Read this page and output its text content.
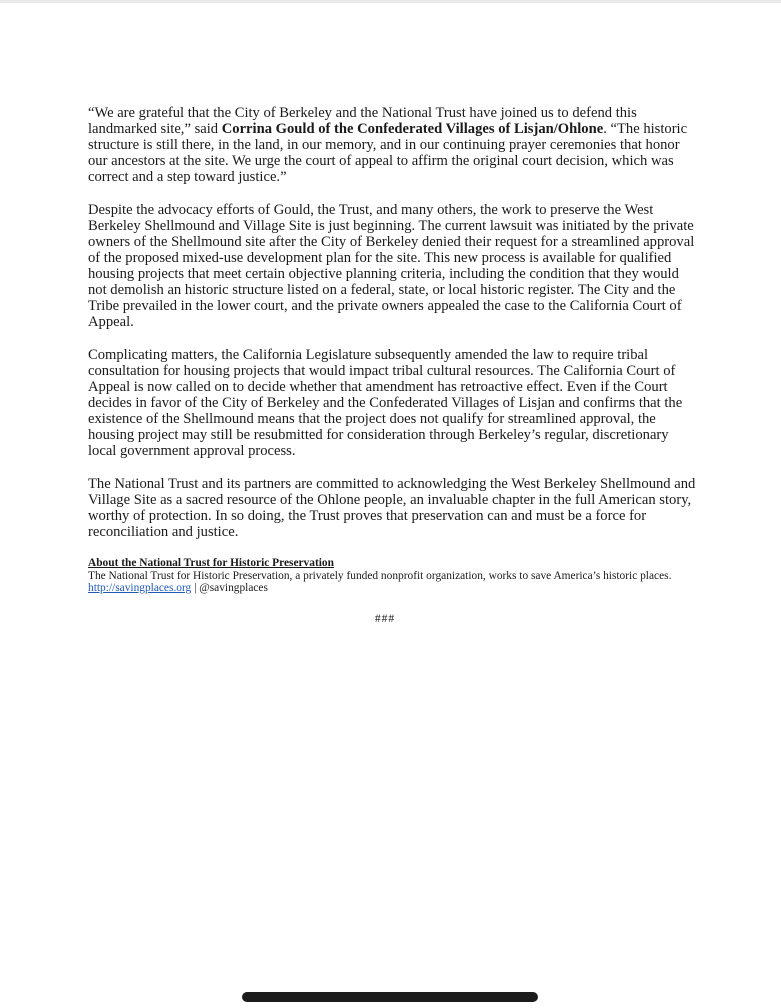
“We are grateful that the City of Berkeley and the National Trust have joined us to defend this landmarked site,” said Corrina Gould of the Confederated Villages of Lisjan/Ohlone. “The historic structure is still there, in the land, in our memory, and in our continuing prayer ceremonies that honor our ancestors at the site. We urge the court of appeal to affirm the original court decision, which was correct and a step toward justice.”

Despite the advocacy efforts of Gould, the Trust, and many others, the work to preserve the West Berkeley Shellmound and Village Site is just beginning. The current lawsuit was initiated by the private owners of the Shellmound site after the City of Berkeley denied their request for a streamlined approval of the proposed mixed-use development plan for the site. This new process is available for qualified housing projects that meet certain objective planning criteria, including the condition that they would not demolish an historic structure listed on a federal, state, or local historic register. The City and the Tribe prevailed in the lower court, and the private owners appealed the case to the California Court of Appeal.

Complicating matters, the California Legislature subsequently amended the law to require tribal consultation for housing projects that would impact tribal cultural resources. The California Court of Appeal is now called on to decide whether that amendment has retroactive effect. Even if the Court decides in favor of the City of Berkeley and the Confederated Villages of Lisjan and confirms that the existence of the Shellmound means that the project does not qualify for streamlined approval, the housing project may still be resubmitted for consideration through Berkeley’s regular, discretionary local government approval process.

The National Trust and its partners are committed to acknowledging the West Berkeley Shellmound and Village Site as a sacred resource of the Ohlone people, an invaluable chapter in the full American story, worthy of protection. In so doing, the Trust proves that preservation can and must be a force for reconciliation and justice.

About the National Trust for Historic Preservation
The National Trust for Historic Preservation, a privately funded nonprofit organization, works to save America’s historic places. http://savingplaces.org | @savingplaces
###
